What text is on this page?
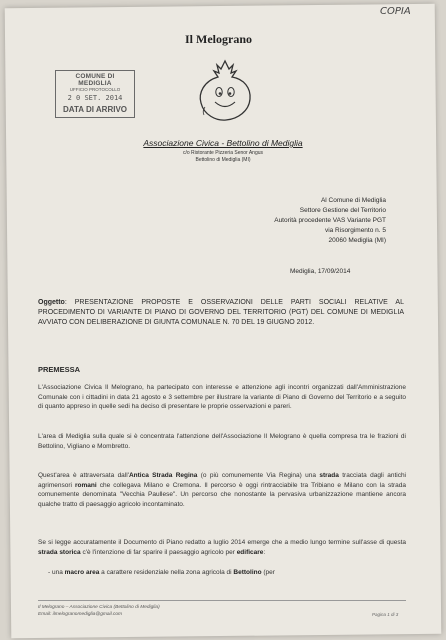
COPIA
Il Melograno
COMUNE DI MEDIGLIA
UFFICIO PROTOCOLLO
2 0 SET. 2014
DATA DI ARRIVO
Associazione Civica - Bettolino di Mediglia
c/o Ristorante Pizzeria Senor Angus
Bettolino di Mediglia (MI)
Al Comune di Mediglia
Settore Gestione del Territorio
Autorità procedente VAS Variante PGT
via Risorgimento n. 5
20060 Mediglia (MI)
Mediglia, 17/09/2014
Oggetto: PRESENTAZIONE PROPOSTE E OSSERVAZIONI DELLE PARTI SOCIALI RELATIVE AL PROCEDIMENTO DI VARIANTE DI PIANO DI GOVERNO DEL TERRITORIO (PGT) DEL COMUNE DI MEDIGLIA AVVIATO CON DELIBERAZIONE DI GIUNTA COMUNALE N. 70 DEL 19 GIUGNO 2012.
PREMESSA
L'Associazione Civica Il Melograno, ha partecipato con interesse e attenzione agli incontri organizzati dall'Amministrazione Comunale con i cittadini in data 21 agosto e 3 settembre per illustrare la variante di Piano di Governo del Territorio e a seguito di quanto appreso in quelle sedi ha deciso di presentare le proprie osservazioni e pareri.
L'area di Mediglia sulla quale si è concentrata l'attenzione dell'Associazione Il Melograno è quella compresa tra le frazioni di Bettolino, Vigliano e Mombretto.
Quest'area è attraversata dall'Antica Strada Regina (o più comunemente Via Regina) una strada tracciata dagli antichi agrimensori romani che collegava Milano e Cremona. Il percorso è oggi rintracciabile tra Tribiano e Milano con la strada comunemente denominata "Vecchia Paullese". Un percorso che nonostante la pervasiva urbanizzazione mantiene ancora qualche tratto di paesaggio agricolo incontaminato.
Se si legge accuratamente il Documento di Piano redatto a luglio 2014 emerge che a medio lungo termine sull'asse di questa strada storica c'è l'intenzione di far sparire il paesaggio agricolo per edificare:
- una macro area a carattere residenziale nella zona agricola di Bettolino (per
Il Melograno – Associazione Civica (Bettolino di Mediglia)
Email: ilmelogranomediglia@gmail.com	Pagina 1 di 3
